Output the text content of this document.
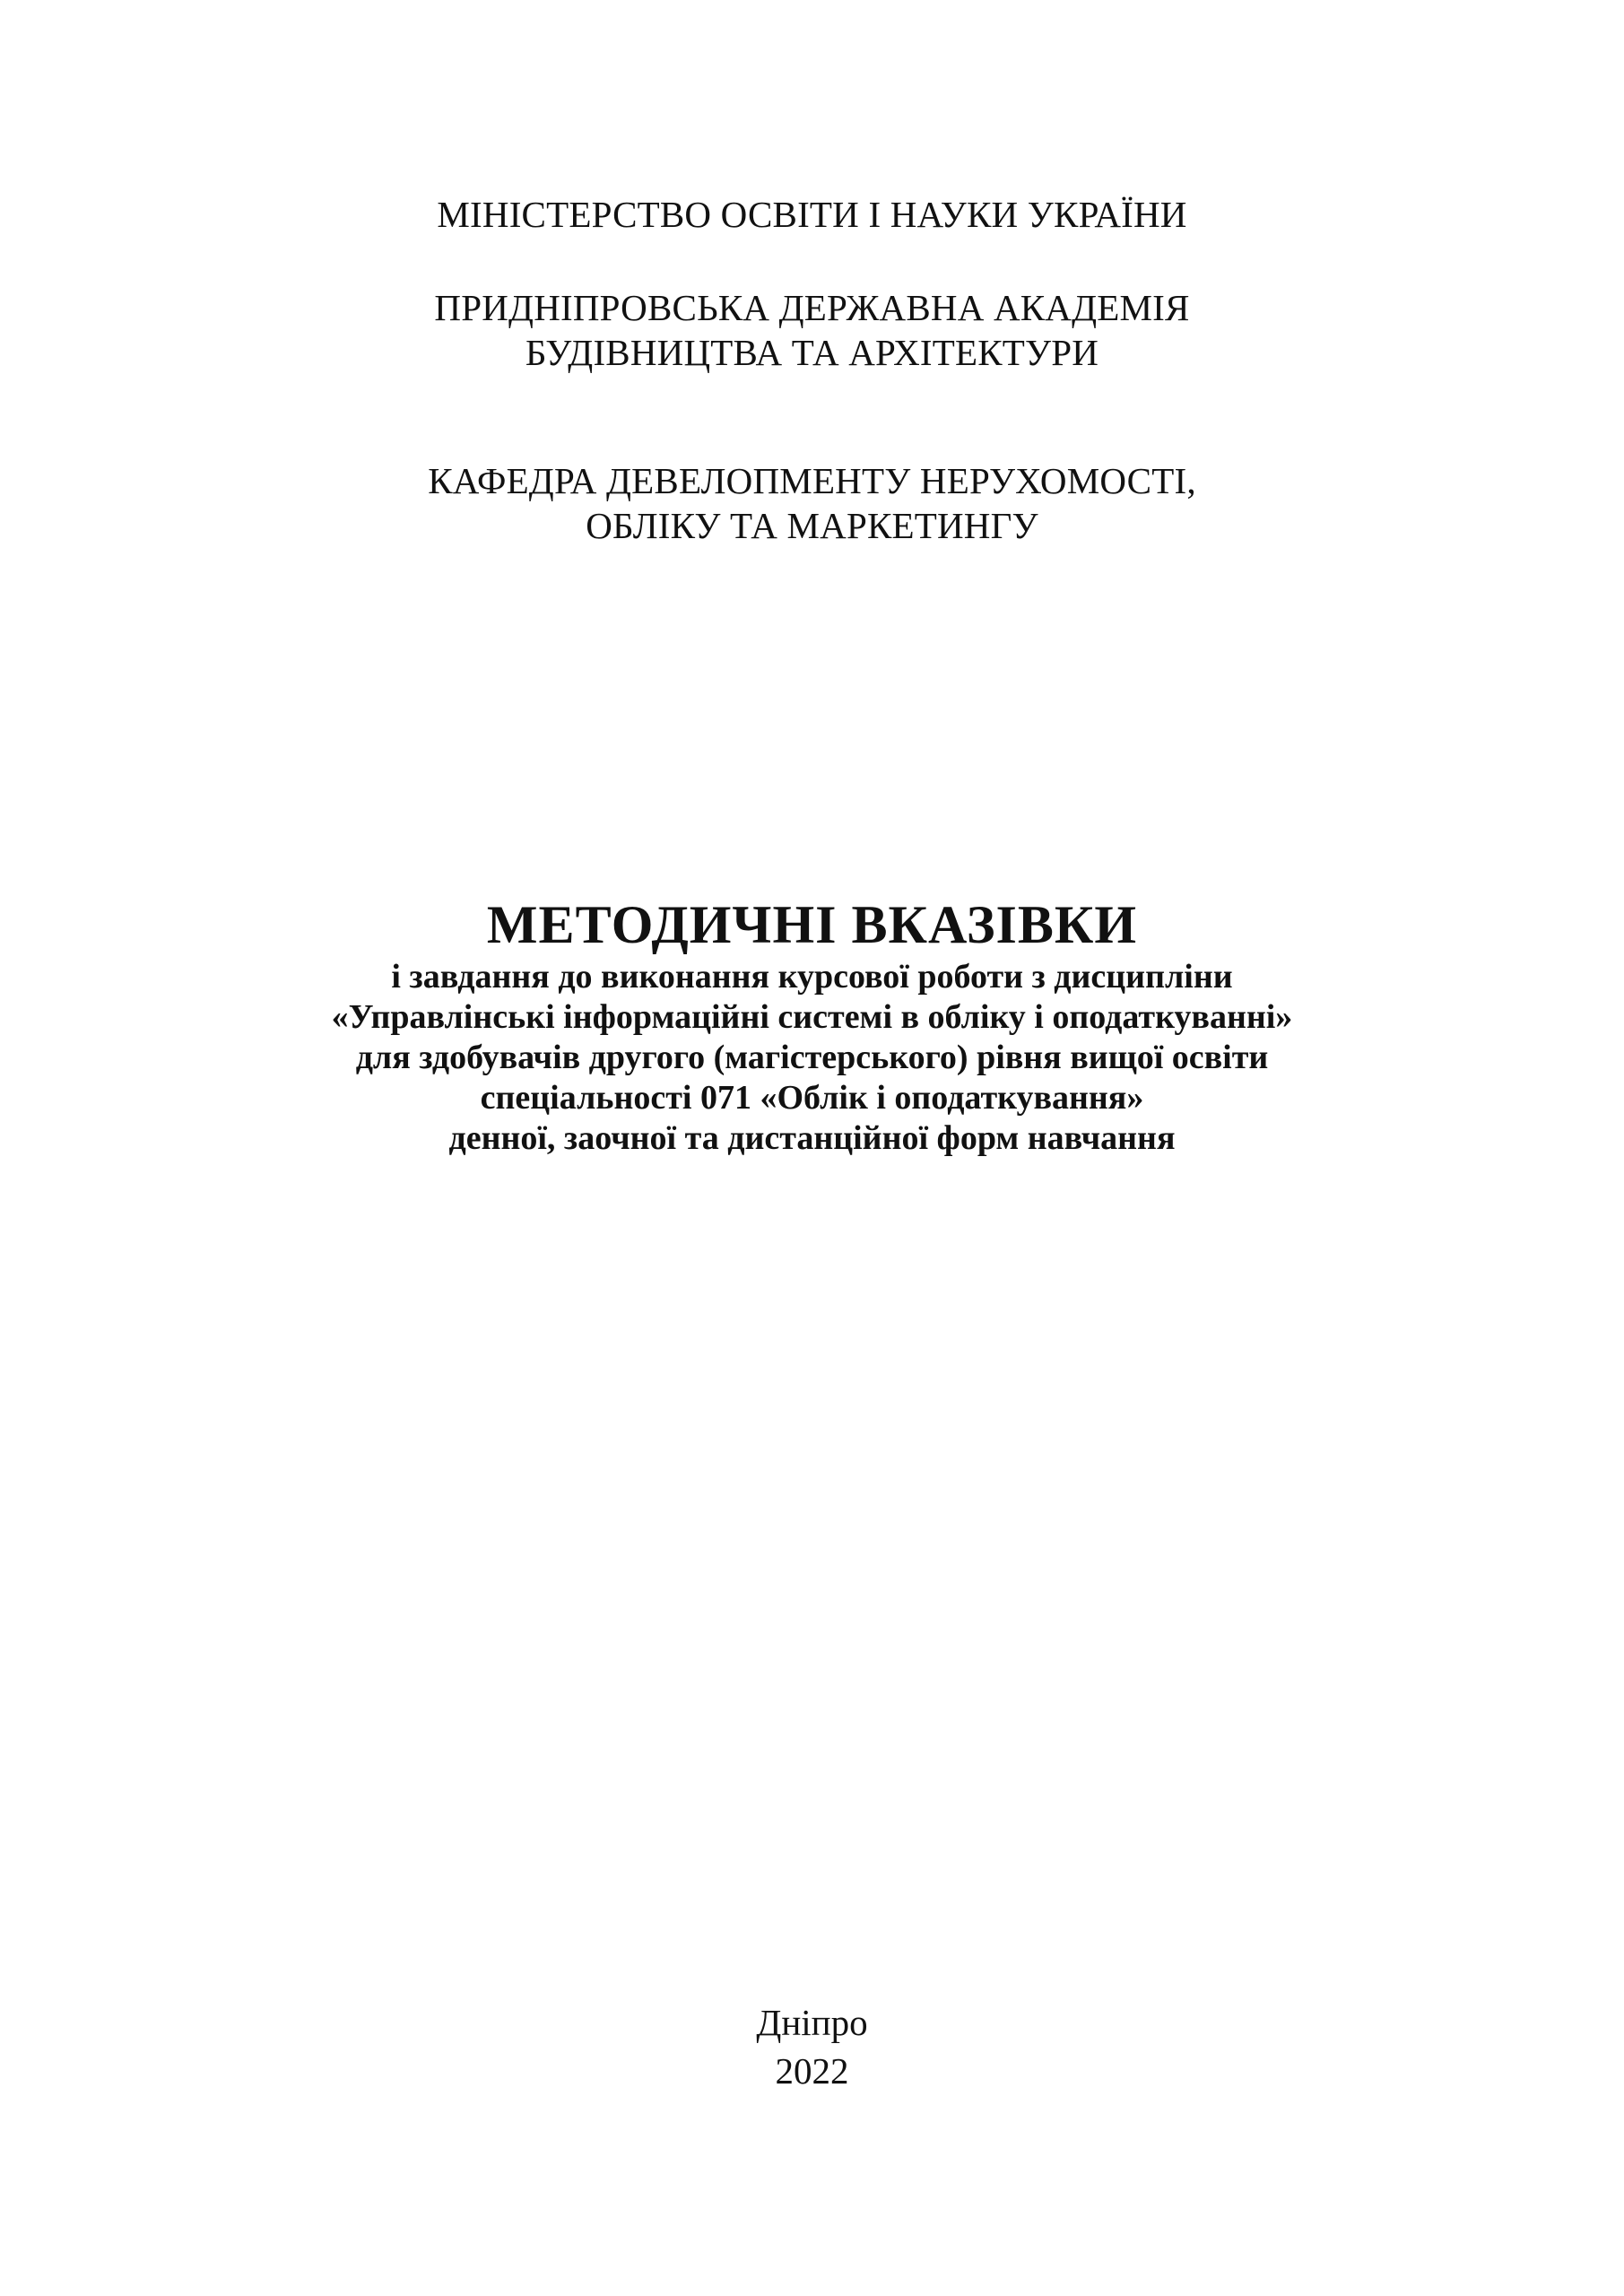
МІНІСТЕРСТВО ОСВІТИ І НАУКИ УКРАЇНИ
ПРИДНІПРОВСЬКА ДЕРЖАВНА АКАДЕМІЯ
БУДІВНИЦТВА ТА АРХІТЕКТУРИ
КАФЕДРА ДЕВЕЛОПМЕНТУ НЕРУХОМОСТІ,
ОБЛІКУ ТА МАРКЕТИНГУ
МЕТОДИЧНІ ВКАЗІВКИ
і завдання до виконання курсової роботи з дисципліни
«Управлінські інформаційні системі в обліку і оподаткуванні»
для здобувачів другого (магістерського) рівня вищої освіти
спеціальності 071 «Облік і оподаткування»
денної, заочної та дистанційної форм навчання
Дніпро
2022
